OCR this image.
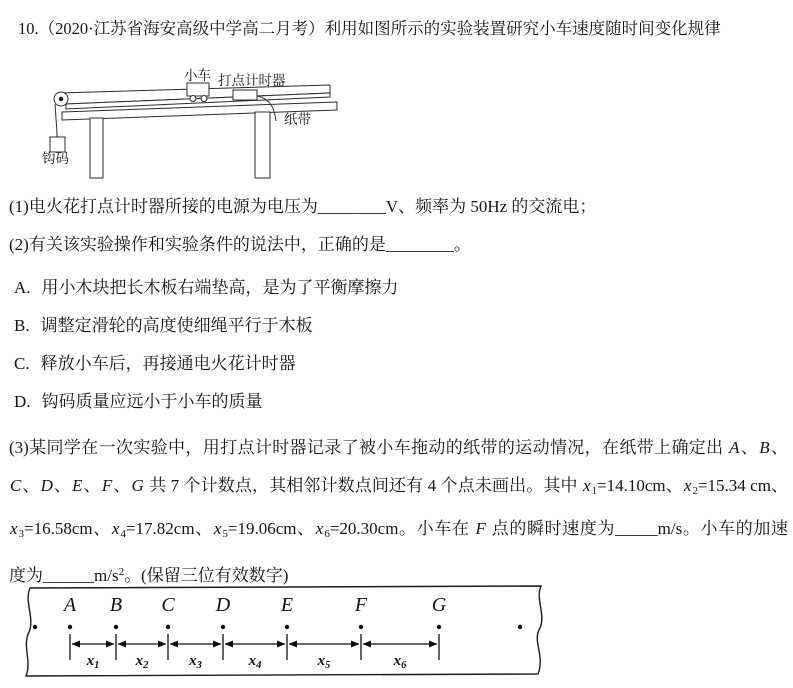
10.（2020·江苏省海安高级中学高二月考）利用如图所示的实验装置研究小车速度随时间变化规律
小车 打点计时器
纸带
钩码
(1)电火花打点计时器所接的电源为电压为________V、频率为 50Hz 的交流电；
(2)有关该实验操作和实验条件的说法中，正确的是________。
A. 用小木块把长木板右端垫高，是为了平衡摩擦力
B. 调整定滑轮的高度使细绳平行于木板
C. 释放小车后，再接通电火花计时器
D. 钩码质量应远小于小车的质量
(3)某同学在一次实验中，用打点计时器记录了被小车拖动的纸带的运动情况，在纸带上确定出 A、B、C、D、E、F、G 共 7 个计数点，其相邻计数点间还有 4 个点未画出。其中 $x_1=14.10cm$、$x_2=15.34$ cm、$x_3=16.58cm$、$x_4=17.82cm$、$x_5=19.06cm$、$x_6=20.30cm$。小车在 F 点的瞬时速度为_____m/s。小车的加速度为$\_\_\_\_\_\_m/s^2$。(保留三位有效数字)
A B C D	E	F	G
$x_1$ $x_2$	$x_3$	$x_4$	$x_5$	$x_6$
